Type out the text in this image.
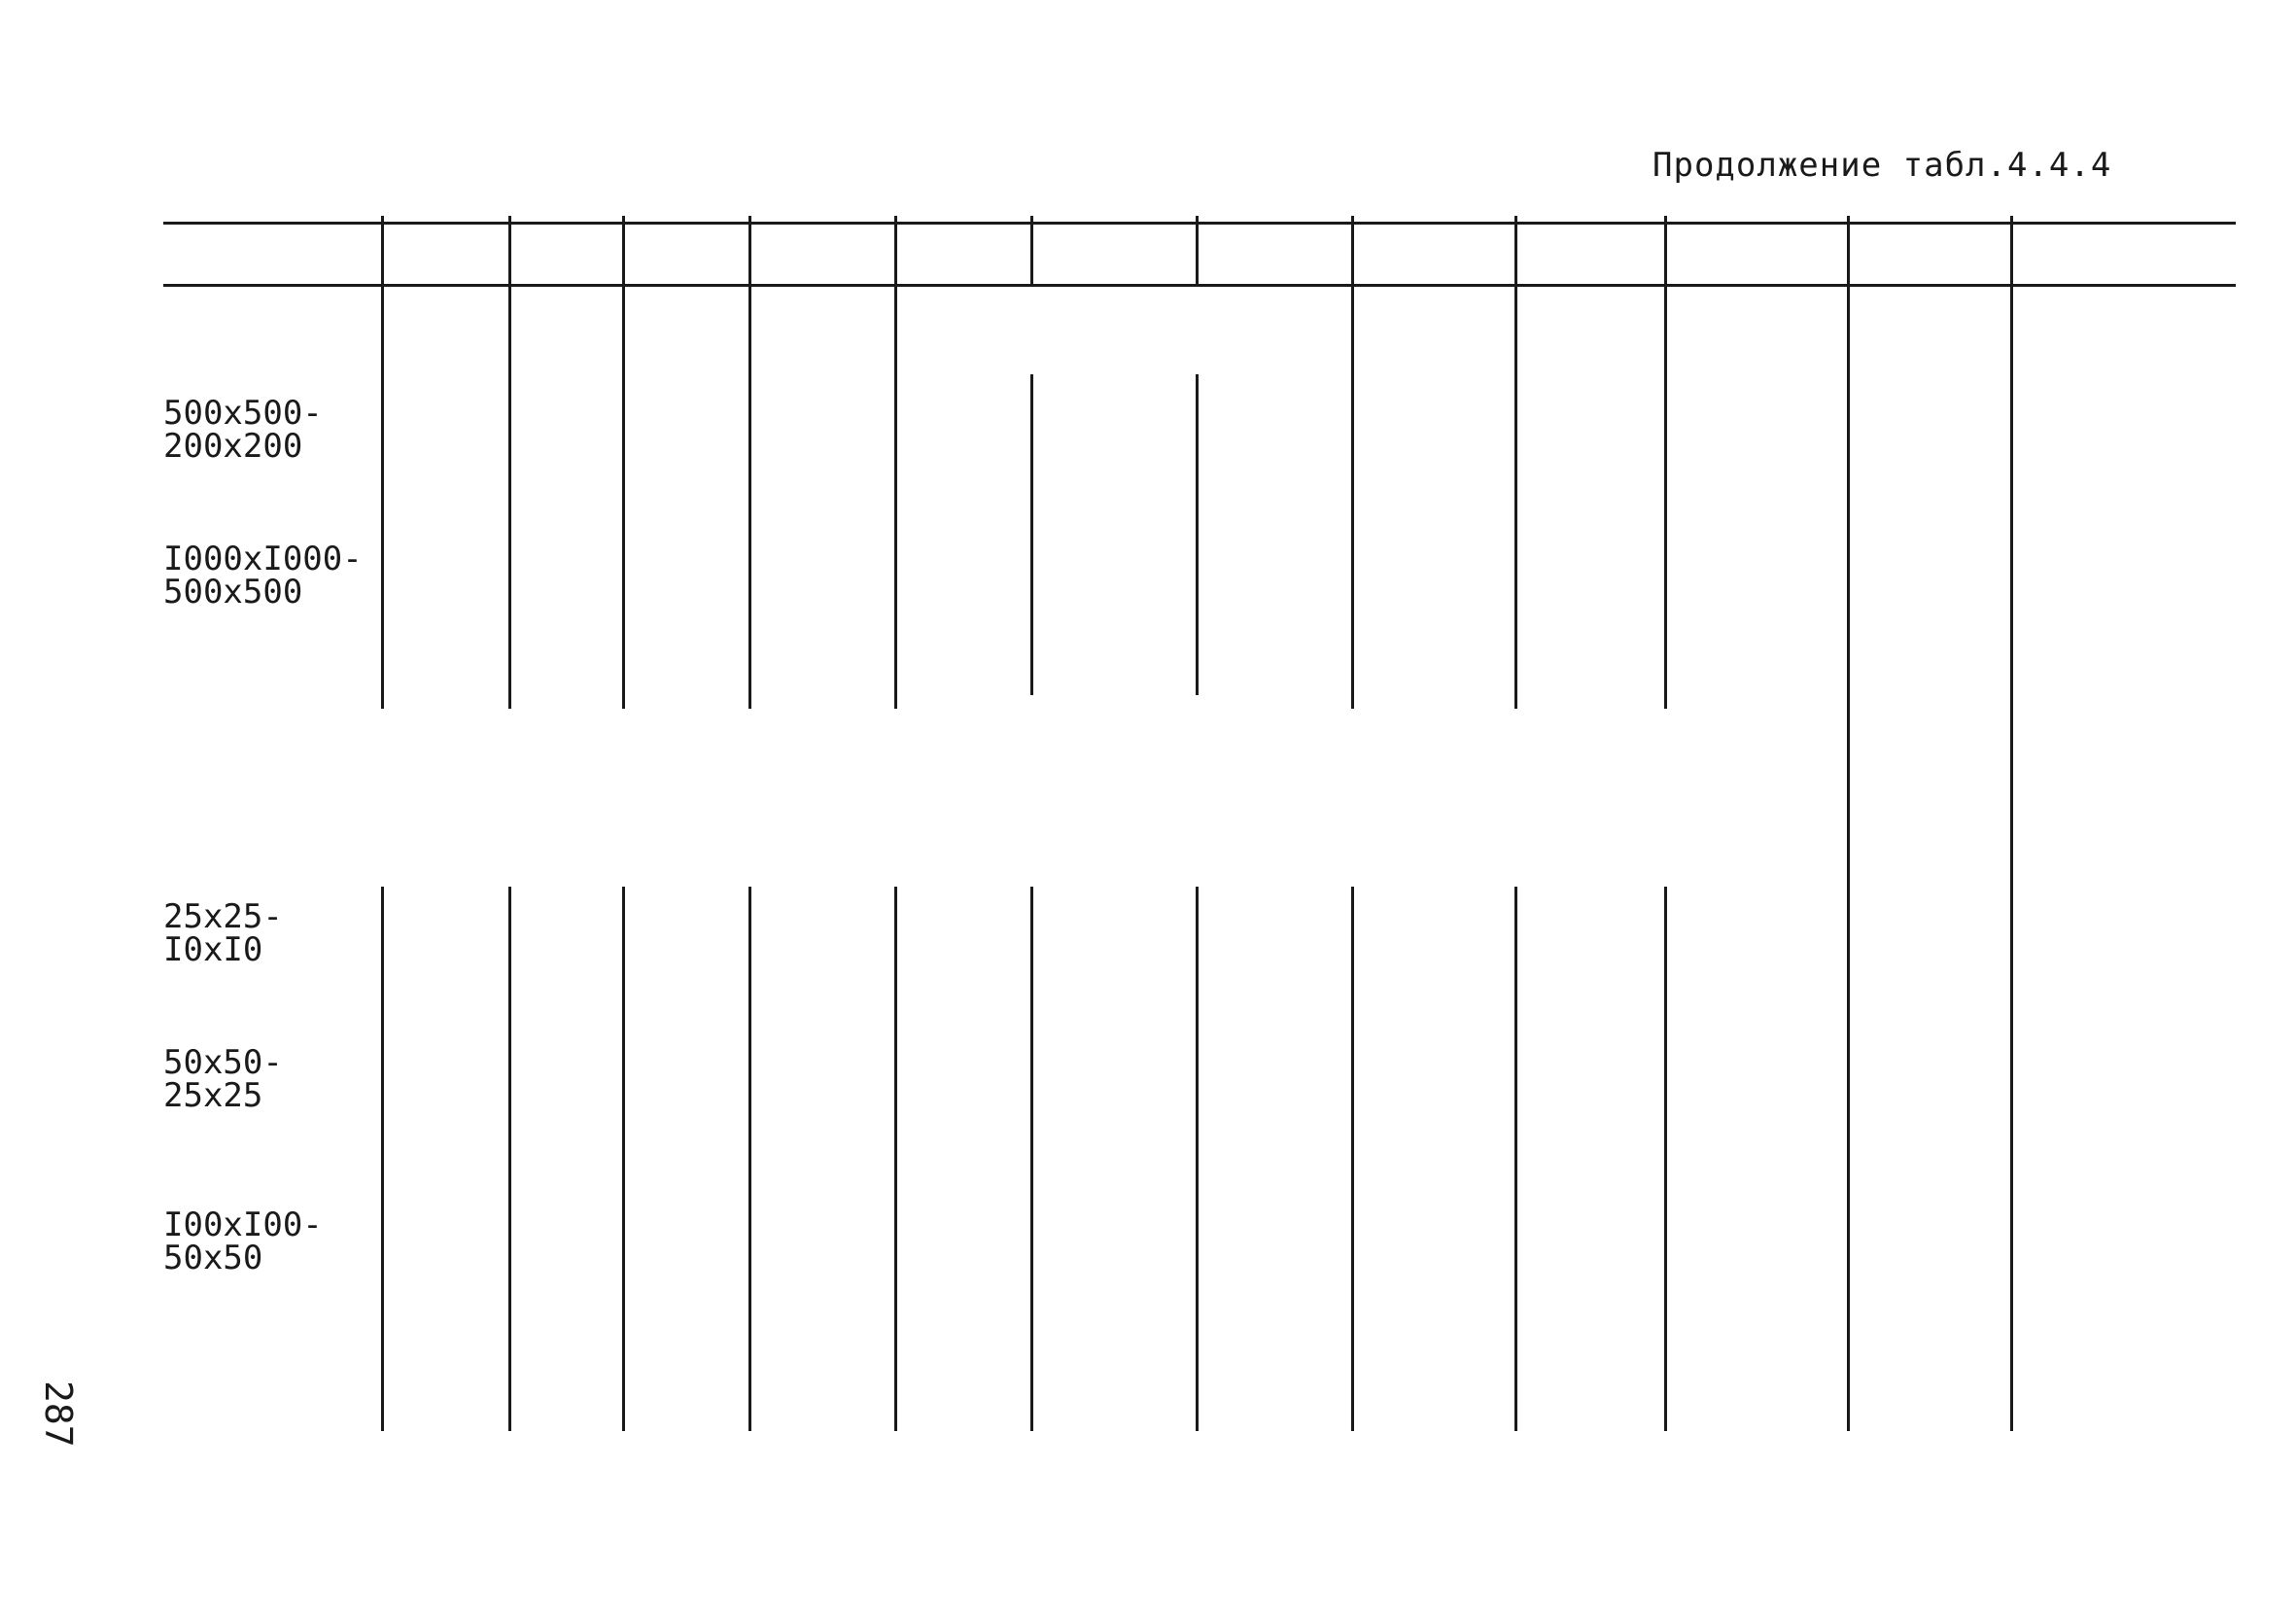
Продолжение табл.4.4.4
500x500-
200x200
I000xI000-
500x500
25x25-
I0xI0
50x50-
25x25
I00xI00-
50x50
287
